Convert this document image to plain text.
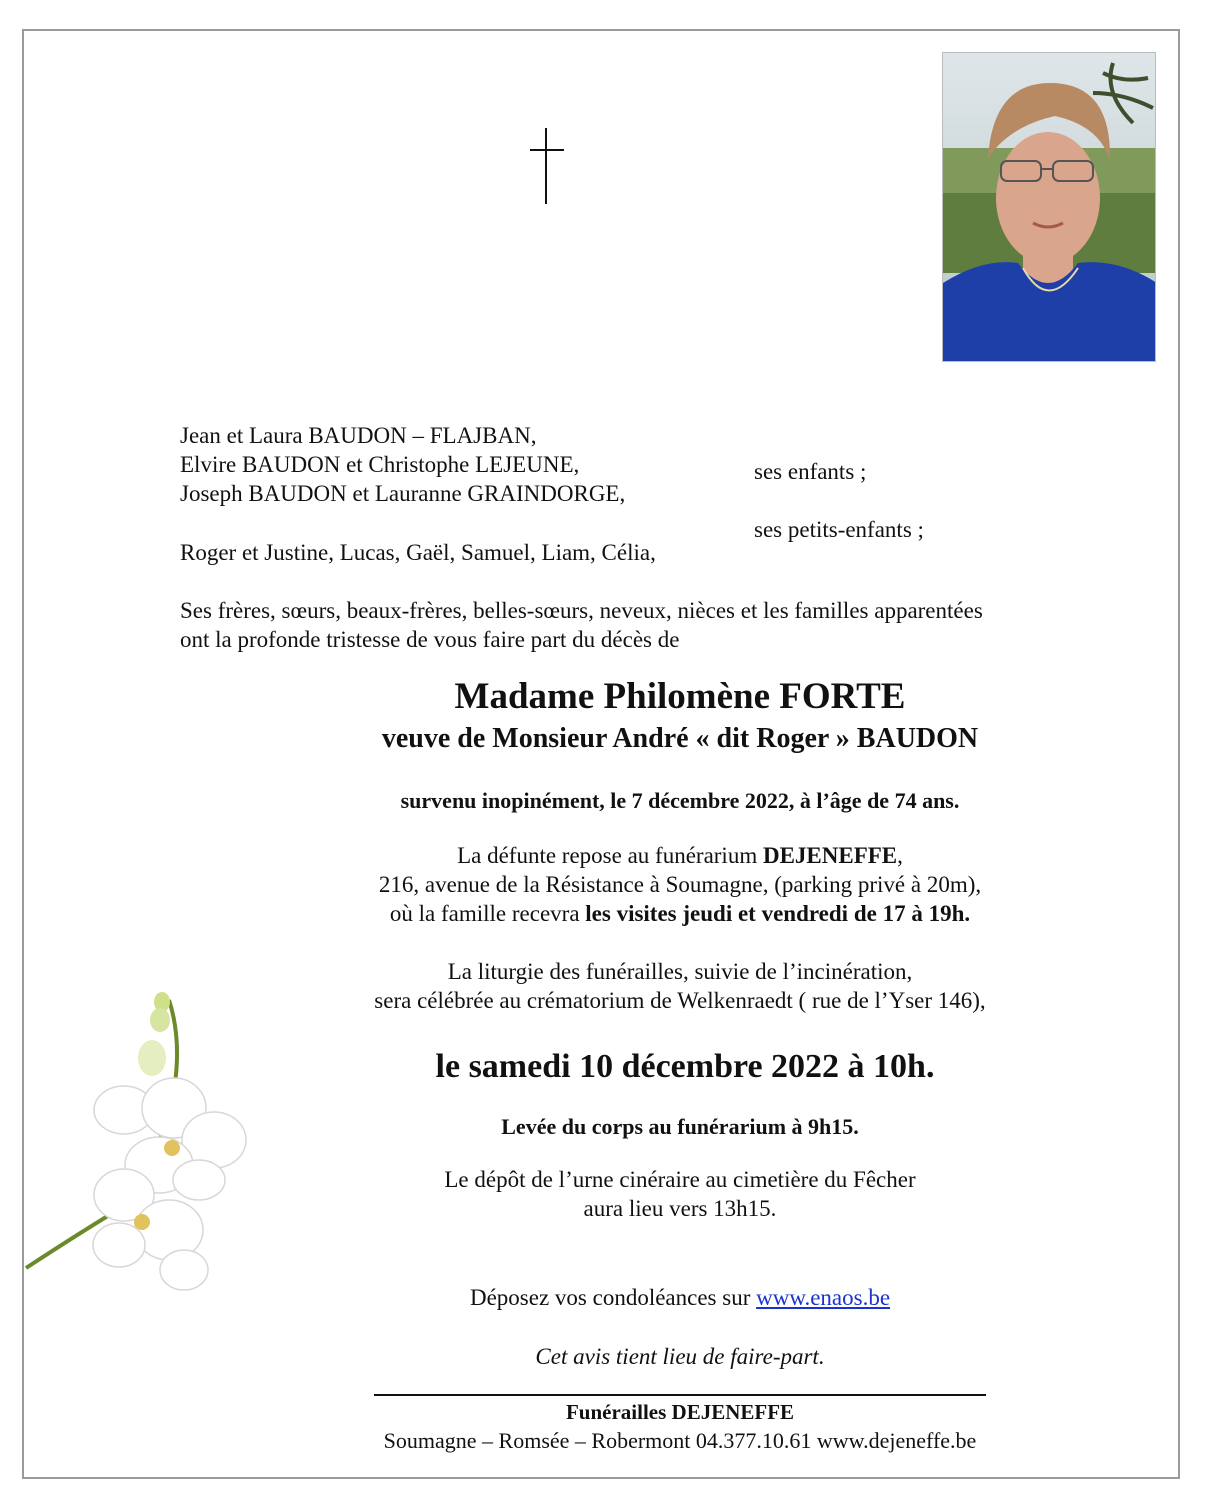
Jean et Laura BAUDON – FLAJBAN,
Elvire BAUDON et Christophe LEJEUNE,
Joseph BAUDON et Lauranne GRAINDORGE,
ses enfants ;
ses petits-enfants ;
Roger et Justine, Lucas, Gaël, Samuel, Liam, Célia,
Ses frères, sœurs, beaux-frères, belles-sœurs, neveux, nièces et les familles apparentées
ont la profonde tristesse de vous faire part du décès de
Madame Philomène FORTE
veuve de Monsieur André « dit Roger » BAUDON
survenu inopinément, le 7 décembre 2022, à l’âge de 74 ans.
La défunte repose au funérarium DEJENEFFE,
216, avenue de la Résistance à Soumagne, (parking privé à 20m),
où la famille recevra les visites jeudi et vendredi de 17 à 19h.
La liturgie des funérailles, suivie de l’incinération,
sera célébrée au crématorium de Welkenraedt ( rue de l’Yser 146),
le samedi 10 décembre 2022 à 10h.
Levée du corps au funérarium à 9h15.
Le dépôt de l’urne cinéraire au cimetière du Fêcher
aura lieu vers 13h15.
Déposez vos condoléances sur www.enaos.be
Cet avis tient lieu de faire-part.
Funérailles DEJENEFFE
Soumagne – Romsée – Robermont 04.377.10.61 www.dejeneffe.be
